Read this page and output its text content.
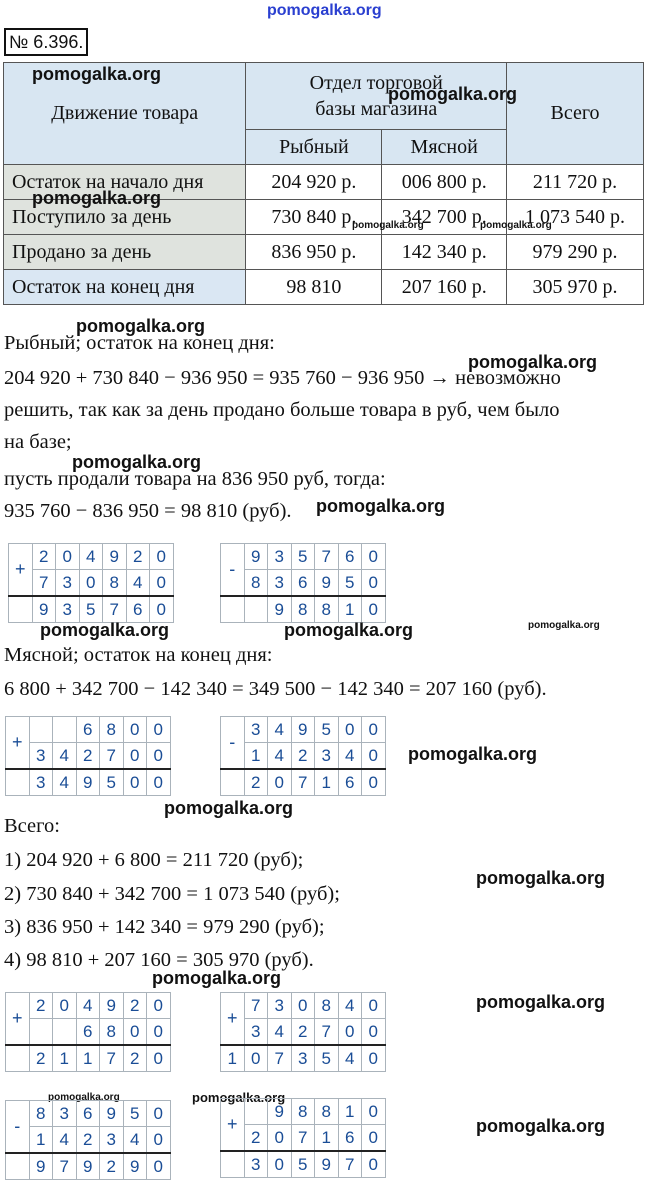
pomogalka.org
№ 6.396.
Движение товара	Отдел торговой
базы магазина		Всего
	Рыбный	Мясной	
Остаток на начало дня	204 920 р.	006 800 р.	211 720 р.
Поступило за день	730 840 р.	342 700 р.	1 073 540 р.
Продано за день	836 950 р.	142 340 р.	979 290 р.
Остаток на конец дня	98 810	207 160 р.	305 970 р.
pomogalka.org
pomogalka.org
pomogalka.org
pomogalka.org	pomogalka.org
pomogalka.org
Рыбный; остаток на конец дня:
pomogalka.org
204 920 + 730 840 − 936 950 = 935 760 − 936 950 → невозможно
решить, так как за день продано больше товара в руб, чем было
на базе;
pomogalka.org
пусть продали товара на 836 950 руб, тогда:
935 760 − 836 950 = 98 810 (руб). pomogalka.org
+	2	0	4	9	2	0
	7	3	0	8	4	0
	9	3	5	7	6	0
-	9	3	5	7	6	0
	8	3	6	9	5	0
		9	8	8	1	0
pomogalka.org	pomogalka.org	pomogalka.org
Мясной; остаток на конец дня:
6 800 + 342 700 − 142 340 = 349 500 − 142 340 = 207 160 (руб).
+			6	8	0	0
	3	4	2	7	0	0
	3	4	9	5	0	0
-	3	4	9	5	0	0
	1	4	2	3	4	0
	2	0	7	1	6	0
pomogalka.org
pomogalka.org
Всего:
1) 204 920 + 6 800 = 211 720 (руб);
pomogalka.org
2) 730 840 + 342 700 = 1 073 540 (руб);
3) 836 950 + 142 340 = 979 290 (руб);
4) 98 810 + 207 160 = 305 970 (руб).
pomogalka.org
+	2	0	4	9	2	0
			6	8	0	0
	2	1	1	7	2	0
+	7	3	0	8	4	0
	3	4	2	7	0	0
1	0	7	3	5	4	0
pomogalka.org
pomogalka.org	pomogalka.org
-	8	3	6	9	5	0
	1	4	2	3	4	0
	9	7	9	2	9	0
+		9	8	8	1	0
	2	0	7	1	6	0
	3	0	5	9	7	0
pomogalka.org
